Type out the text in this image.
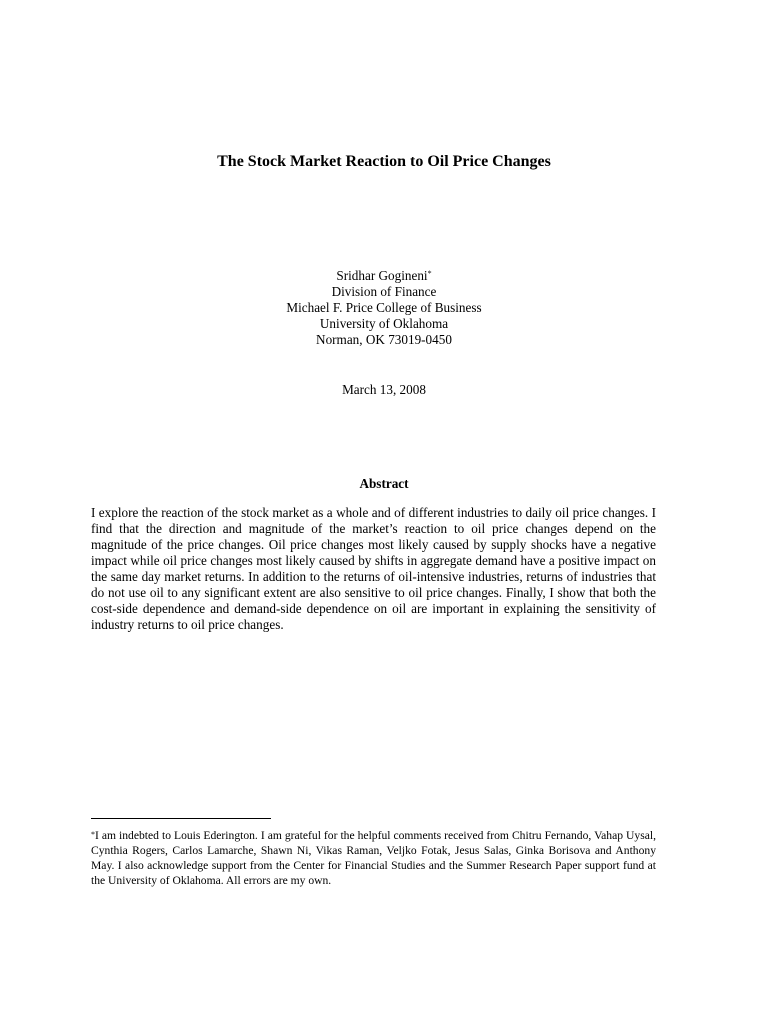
The Stock Market Reaction to Oil Price Changes
Sridhar Gogineni*
Division of Finance
Michael F. Price College of Business
University of Oklahoma
Norman, OK 73019-0450
March 13, 2008
Abstract

I explore the reaction of the stock market as a whole and of different industries to daily oil price changes. I find that the direction and magnitude of the market’s reaction to oil price changes depend on the magnitude of the price changes. Oil price changes most likely caused by supply shocks have a negative impact while oil price changes most likely caused by shifts in aggregate demand have a positive impact on the same day market returns. In addition to the returns of oil-intensive industries, returns of industries that do not use oil to any significant extent are also sensitive to oil price changes. Finally, I show that both the cost-side dependence and demand-side dependence on oil are important in explaining the sensitivity of industry returns to oil price changes.

*I am indebted to Louis Ederington. I am grateful for the helpful comments received from Chitru Fernando, Vahap Uysal, Cynthia Rogers, Carlos Lamarche, Shawn Ni, Vikas Raman, Veljko Fotak, Jesus Salas, Ginka Borisova and Anthony May. I also acknowledge support from the Center for Financial Studies and the Summer Research Paper support fund at the University of Oklahoma. All errors are my own.
